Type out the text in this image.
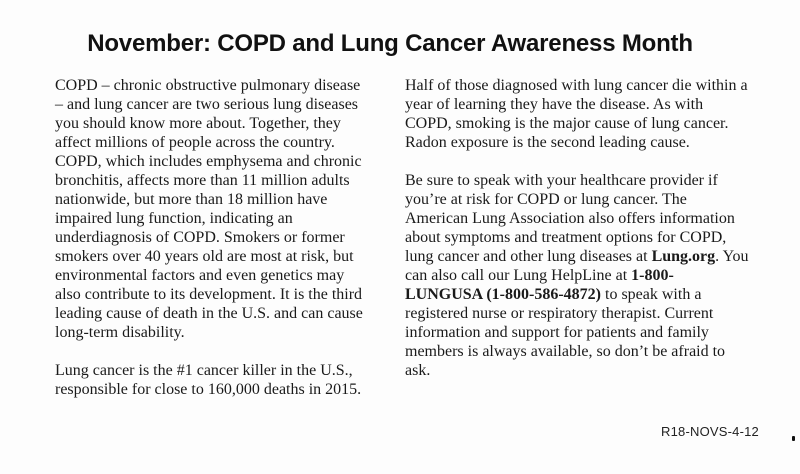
November: COPD and Lung Cancer Awareness Month

COPD – chronic obstructive pulmonary disease – and lung cancer are two serious lung diseases you should know more about. Together, they affect millions of people across the country. COPD, which includes emphysema and chronic bronchitis, affects more than 11 million adults nationwide, but more than 18 million have impaired lung function, indicating an underdiagnosis of COPD. Smokers or former smokers over 40 years old are most at risk, but environmental factors and even genetics may also contribute to its development. It is the third leading cause of death in the U.S. and can cause long-term disability.

Lung cancer is the #1 cancer killer in the U.S., responsible for close to 160,000 deaths in 2015.

Half of those diagnosed with lung cancer die within a year of learning they have the disease. As with COPD, smoking is the major cause of lung cancer. Radon exposure is the second leading cause.

Be sure to speak with your healthcare provider if you’re at risk for COPD or lung cancer. The American Lung Association also offers information about symptoms and treatment options for COPD, lung cancer and other lung diseases at Lung.org. You can also call our Lung HelpLine at 1-800-LUNGUSA (1-800-586-4872) to speak with a registered nurse or respiratory therapist. Current information and support for patients and family members is always available, so don’t be afraid to ask.

R18-NOVS-4-12
